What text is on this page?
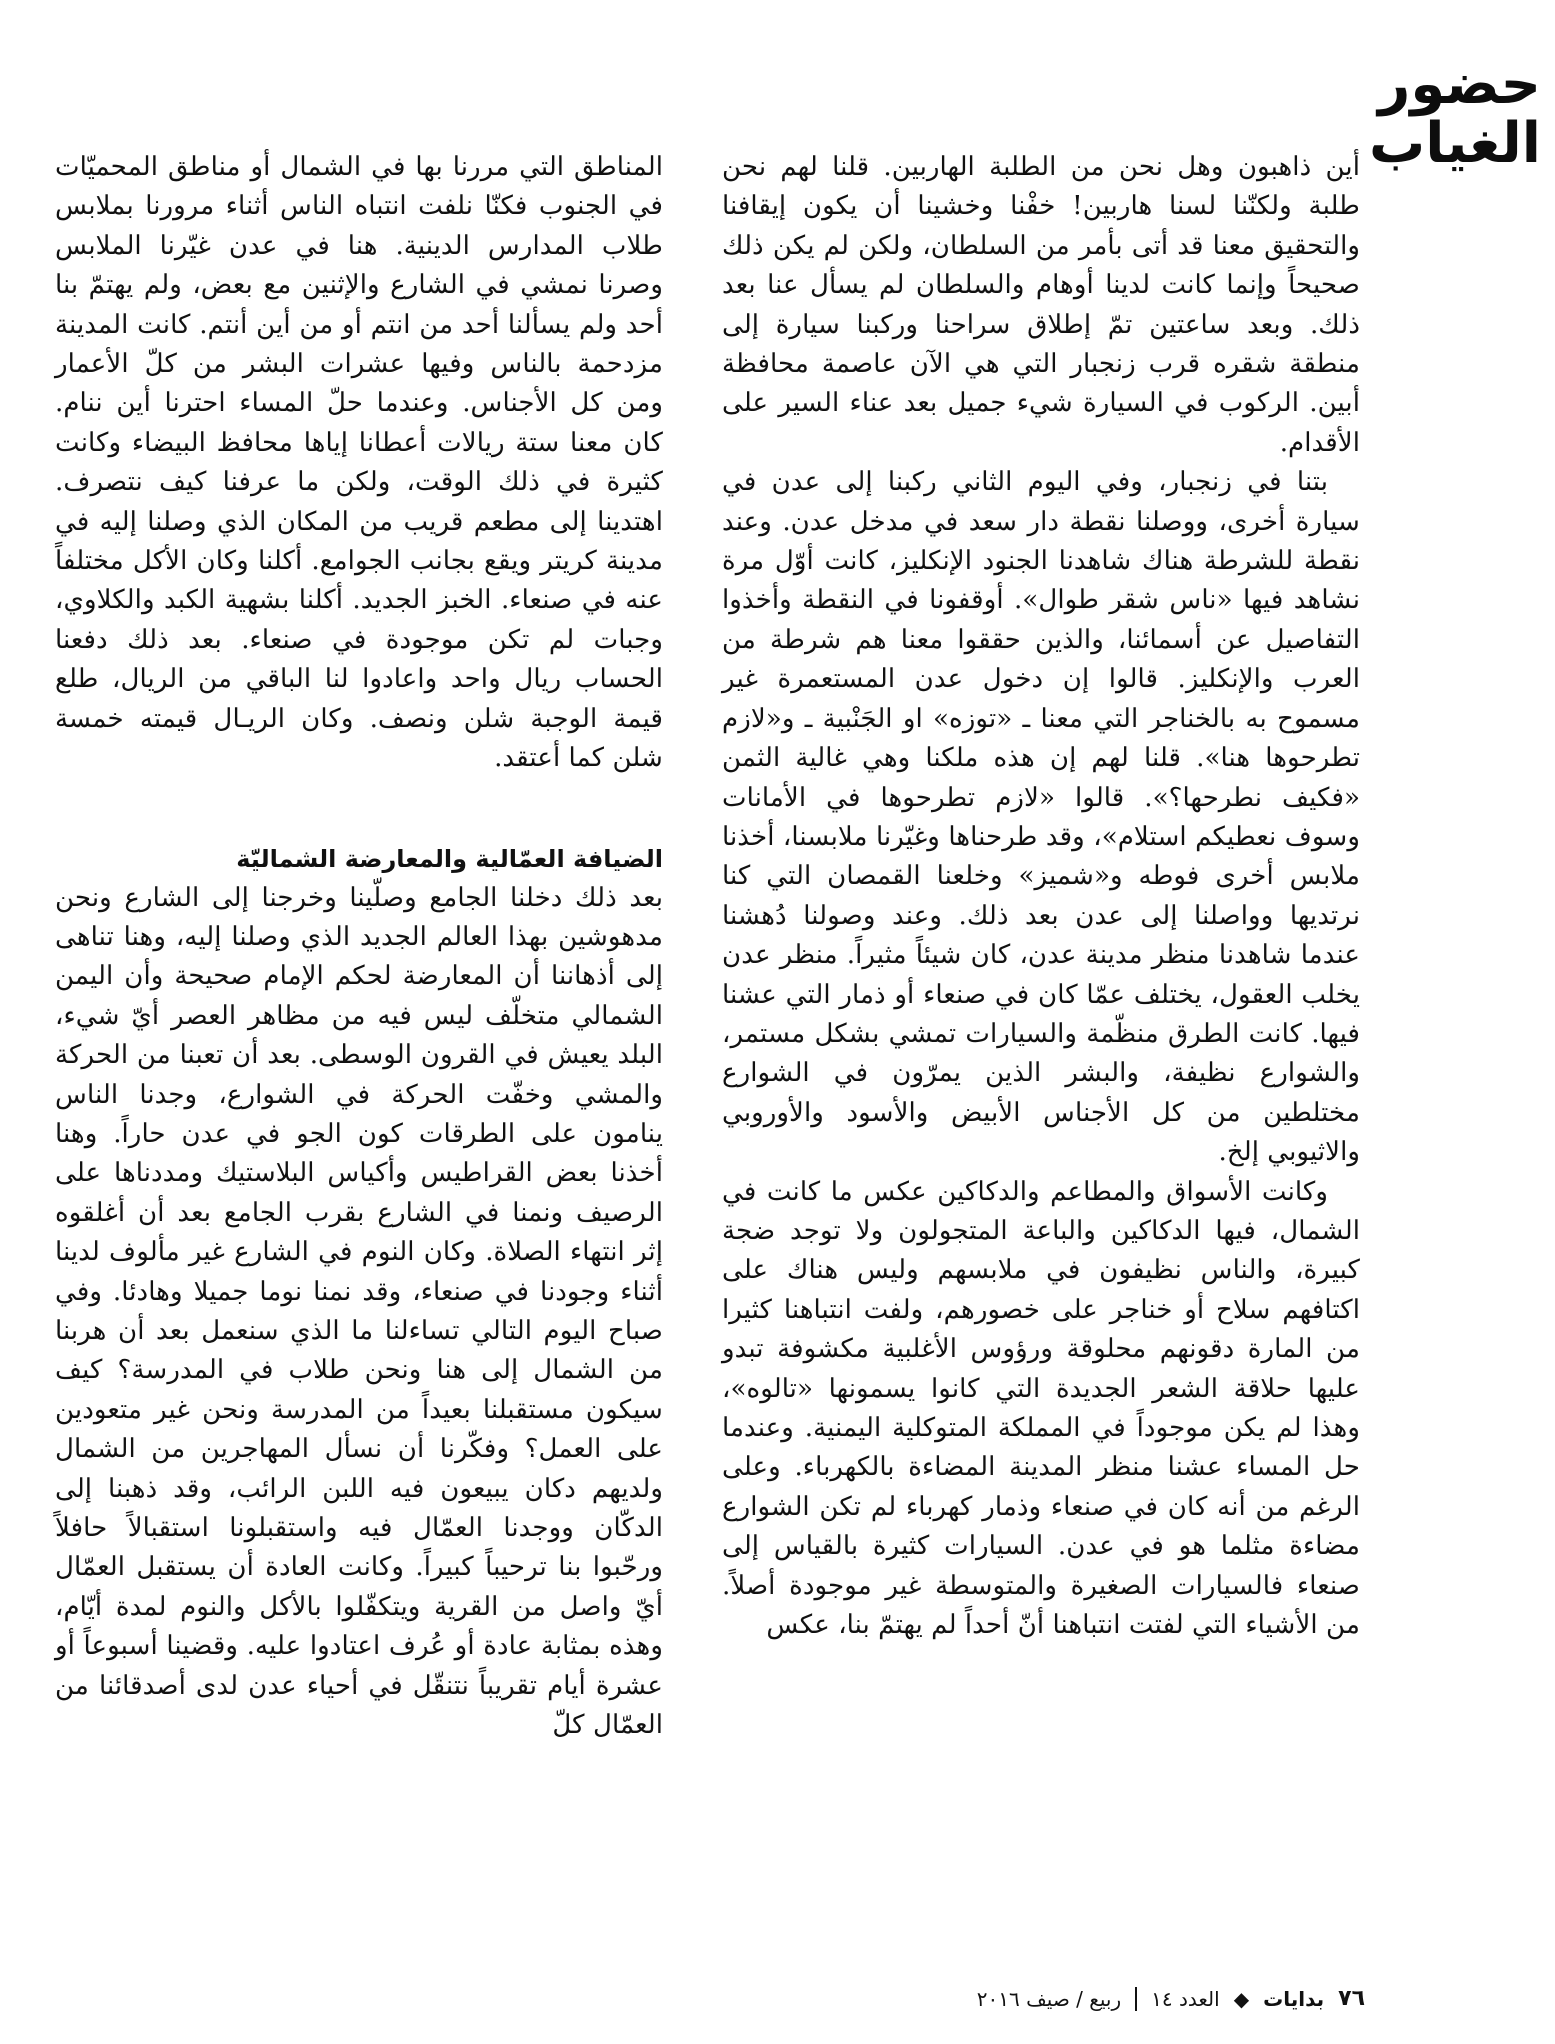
حضور
الغياب

أين ذاهبون وهل نحن من الطلبة الهاربين. قلنا لهم نحن طلبة ولكنّنا لسنا هاربين! خفْنا وخشينا أن يكون إيقافنا والتحقيق معنا قد أتى بأمر من السلطان، ولكن لم يكن ذلك صحيحاً وإنما كانت لدينا أوهام والسلطان لم يسأل عنا بعد ذلك. وبعد ساعتين تمّ إطلاق سراحنا وركبنا سيارة إلى منطقة شقره قرب زنجبار التي هي الآن عاصمة محافظة أبين. الركوب في السيارة شيء جميل بعد عناء السير على الأقدام.

بتنا في زنجبار، وفي اليوم الثاني ركبنا إلى عدن في سيارة أخرى، ووصلنا نقطة دار سعد في مدخل عدن. وعند نقطة للشرطة هناك شاهدنا الجنود الإنكليز، كانت أوّل مرة نشاهد فيها «ناس شقر طوال». أوقفونا في النقطة وأخذوا التفاصيل عن أسمائنا، والذين حققوا معنا هم شرطة من العرب والإنكليز. قالوا إن دخول عدن المستعمرة غير مسموح به بالخناجر التي معنا ـ «توزه» او الجَنْبية ـ و«لازم تطرحوها هنا». قلنا لهم إن هذه ملكنا وهي غالية الثمن «فكيف نطرحها؟». قالوا «لازم تطرحوها في الأمانات وسوف نعطيكم استلام»، وقد طرحناها وغيّرنا ملابسنا، أخذنا ملابس أخرى فوطه و«شميز» وخلعنا القمصان التي كنا نرتديها وواصلنا إلى عدن بعد ذلك. وعند وصولنا دُهشنا عندما شاهدنا منظر مدينة عدن، كان شيئاً مثيراً. منظر عدن يخلب العقول، يختلف عمّا كان في صنعاء أو ذمار التي عشنا فيها. كانت الطرق منظّمة والسيارات تمشي بشكل مستمر، والشوارع نظيفة، والبشر الذين يمرّون في الشوارع مختلطين من كل الأجناس الأبيض والأسود والأوروبي والاثيوبي إلخ.

وكانت الأسواق والمطاعم والدكاكين عكس ما كانت في الشمال، فيها الدكاكين والباعة المتجولون ولا توجد ضجة كبيرة، والناس نظيفون في ملابسهم وليس هناك على اكتافهم سلاح أو خناجر على خصورهم، ولفت انتباهنا كثيرا من المارة دقونهم محلوقة ورؤوس الأغلبية مكشوفة تبدو عليها حلاقة الشعر الجديدة التي كانوا يسمونها «تالوه»، وهذا لم يكن موجوداً في المملكة المتوكلية اليمنية. وعندما حل المساء عشنا منظر المدينة المضاءة بالكهرباء. وعلى الرغم من أنه كان في صنعاء وذمار كهرباء لم تكن الشوارع مضاءة مثلما هو في عدن. السيارات كثيرة بالقياس إلى صنعاء فالسيارات الصغيرة والمتوسطة غير موجودة أصلاً. من الأشياء التي لفتت انتباهنا أنّ أحداً لم يهتمّ بنا، عكس

المناطق التي مررنا بها في الشمال أو مناطق المحميّات في الجنوب فكنّا نلفت انتباه الناس أثناء مرورنا بملابس طلاب المدارس الدينية. هنا في عدن غيّرنا الملابس وصرنا نمشي في الشارع والإثنين مع بعض، ولم يهتمّ بنا أحد ولم يسألنا أحد من انتم أو من أين أنتم. كانت المدينة مزدحمة بالناس وفيها عشرات البشر من كلّ الأعمار ومن كل الأجناس. وعندما حلّ المساء احترنا أين ننام. كان معنا ستة ريالات أعطانا إياها محافظ البيضاء وكانت كثيرة في ذلك الوقت، ولكن ما عرفنا كيف نتصرف. اهتدينا إلى مطعم قريب من المكان الذي وصلنا إليه في مدينة كريتر ويقع بجانب الجوامع. أكلنا وكان الأكل مختلفاً عنه في صنعاء. الخبز الجديد. أكلنا بشهية الكبد والكلاوي، وجبات لم تكن موجودة في صنعاء. بعد ذلك دفعنا الحساب ريال واحد واعادوا لنا الباقي من الريال، طلع قيمة الوجبة شلن ونصف. وكان الريـال قيمته خمسة شلن كما أعتقد.

الضيافة العمّالية والمعارضة الشماليّة

بعد ذلك دخلنا الجامع وصلّينا وخرجنا إلى الشارع ونحن مدهوشين بهذا العالم الجديد الذي وصلنا إليه، وهنا تناهى إلى أذهاننا أن المعارضة لحكم الإمام صحيحة وأن اليمن الشمالي متخلّف ليس فيه من مظاهر العصر أيّ شيء، البلد يعيش في القرون الوسطى. بعد أن تعبنا من الحركة والمشي وخفّت الحركة في الشوارع، وجدنا الناس ينامون على الطرقات كون الجو في عدن حاراً. وهنا أخذنا بعض القراطيس وأكياس البلاستيك ومددناها على الرصيف ونمنا في الشارع بقرب الجامع بعد أن أغلقوه إثر انتهاء الصلاة. وكان النوم في الشارع غير مألوف لدينا أثناء وجودنا في صنعاء، وقد نمنا نوما جميلا وهادئا. وفي صباح اليوم التالي تساءلنا ما الذي سنعمل بعد أن هربنا من الشمال إلى هنا ونحن طلاب في المدرسة؟ كيف سيكون مستقبلنا بعيداً من المدرسة ونحن غير متعودين على العمل؟ وفكّرنا أن نسأل المهاجرين من الشمال ولديهم دكان يبيعون فيه اللبن الرائب، وقد ذهبنا إلى الدكّان ووجدنا العمّال فيه واستقبلونا استقبالاً حافلاً ورحّبوا بنا ترحيباً كبيراً. وكانت العادة أن يستقبل العمّال أيّ واصل من القرية ويتكفّلوا بالأكل والنوم لمدة أيّام، وهذه بمثابة عادة أو عُرف اعتادوا عليه. وقضينا أسبوعاً أو عشرة أيام تقريباً نتنقّل في أحياء عدن لدى أصدقائنا من العمّال كلّ

٧٦
بدايات
◆
العدد ١٤
ربيع / صيف ٢٠١٦
